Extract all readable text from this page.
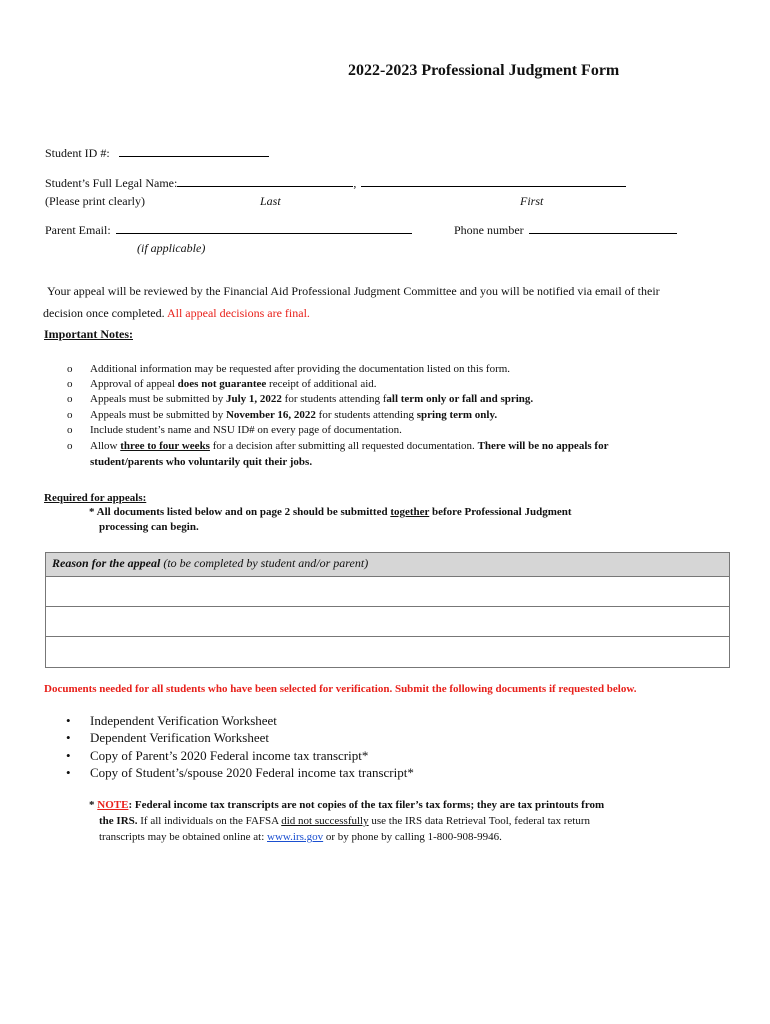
2022-2023 Professional Judgment Form
Student ID #:
Student’s Full Legal Name:	,
(Please print clearly)	Last	First
Parent Email:	Phone number
(if applicable)
Your appeal will be reviewed by the Financial Aid Professional Judgment Committee and you will be notified via email of their
decision once completed. All appeal decisions are final.
Important Notes:
o Additional information may be requested after providing the documentation listed on this form.
o Approval of appeal does not guarantee receipt of additional aid.
o Appeals must be submitted by July 1, 2022 for students attending fall term only or fall and spring.
o Appeals must be submitted by November 16, 2022 for students attending spring term only.
o Include student’s name and NSU ID# on every page of documentation.
o Allow three to four weeks for a decision after submitting all requested documentation. There will be no appeals for
student/parents who voluntarily quit their jobs.
Required for appeals:
* All documents listed below and on page 2 should be submitted together before Professional Judgment
processing can begin.
Reason for the appeal (to be completed by student and/or parent)
Documents needed for all students who have been selected for verification. Submit the following documents if requested below.
• Independent Verification Worksheet
• Dependent Verification Worksheet
• Copy of Parent’s 2020 Federal income tax transcript*
• Copy of Student’s/spouse 2020 Federal income tax transcript*
* NOTE: Federal income tax transcripts are not copies of the tax filer’s tax forms; they are tax printouts from
the IRS. If all individuals on the FAFSA did not successfully use the IRS data Retrieval Tool, federal tax return
transcripts may be obtained online at: www.irs.gov or by phone by calling 1-800-908-9946.
